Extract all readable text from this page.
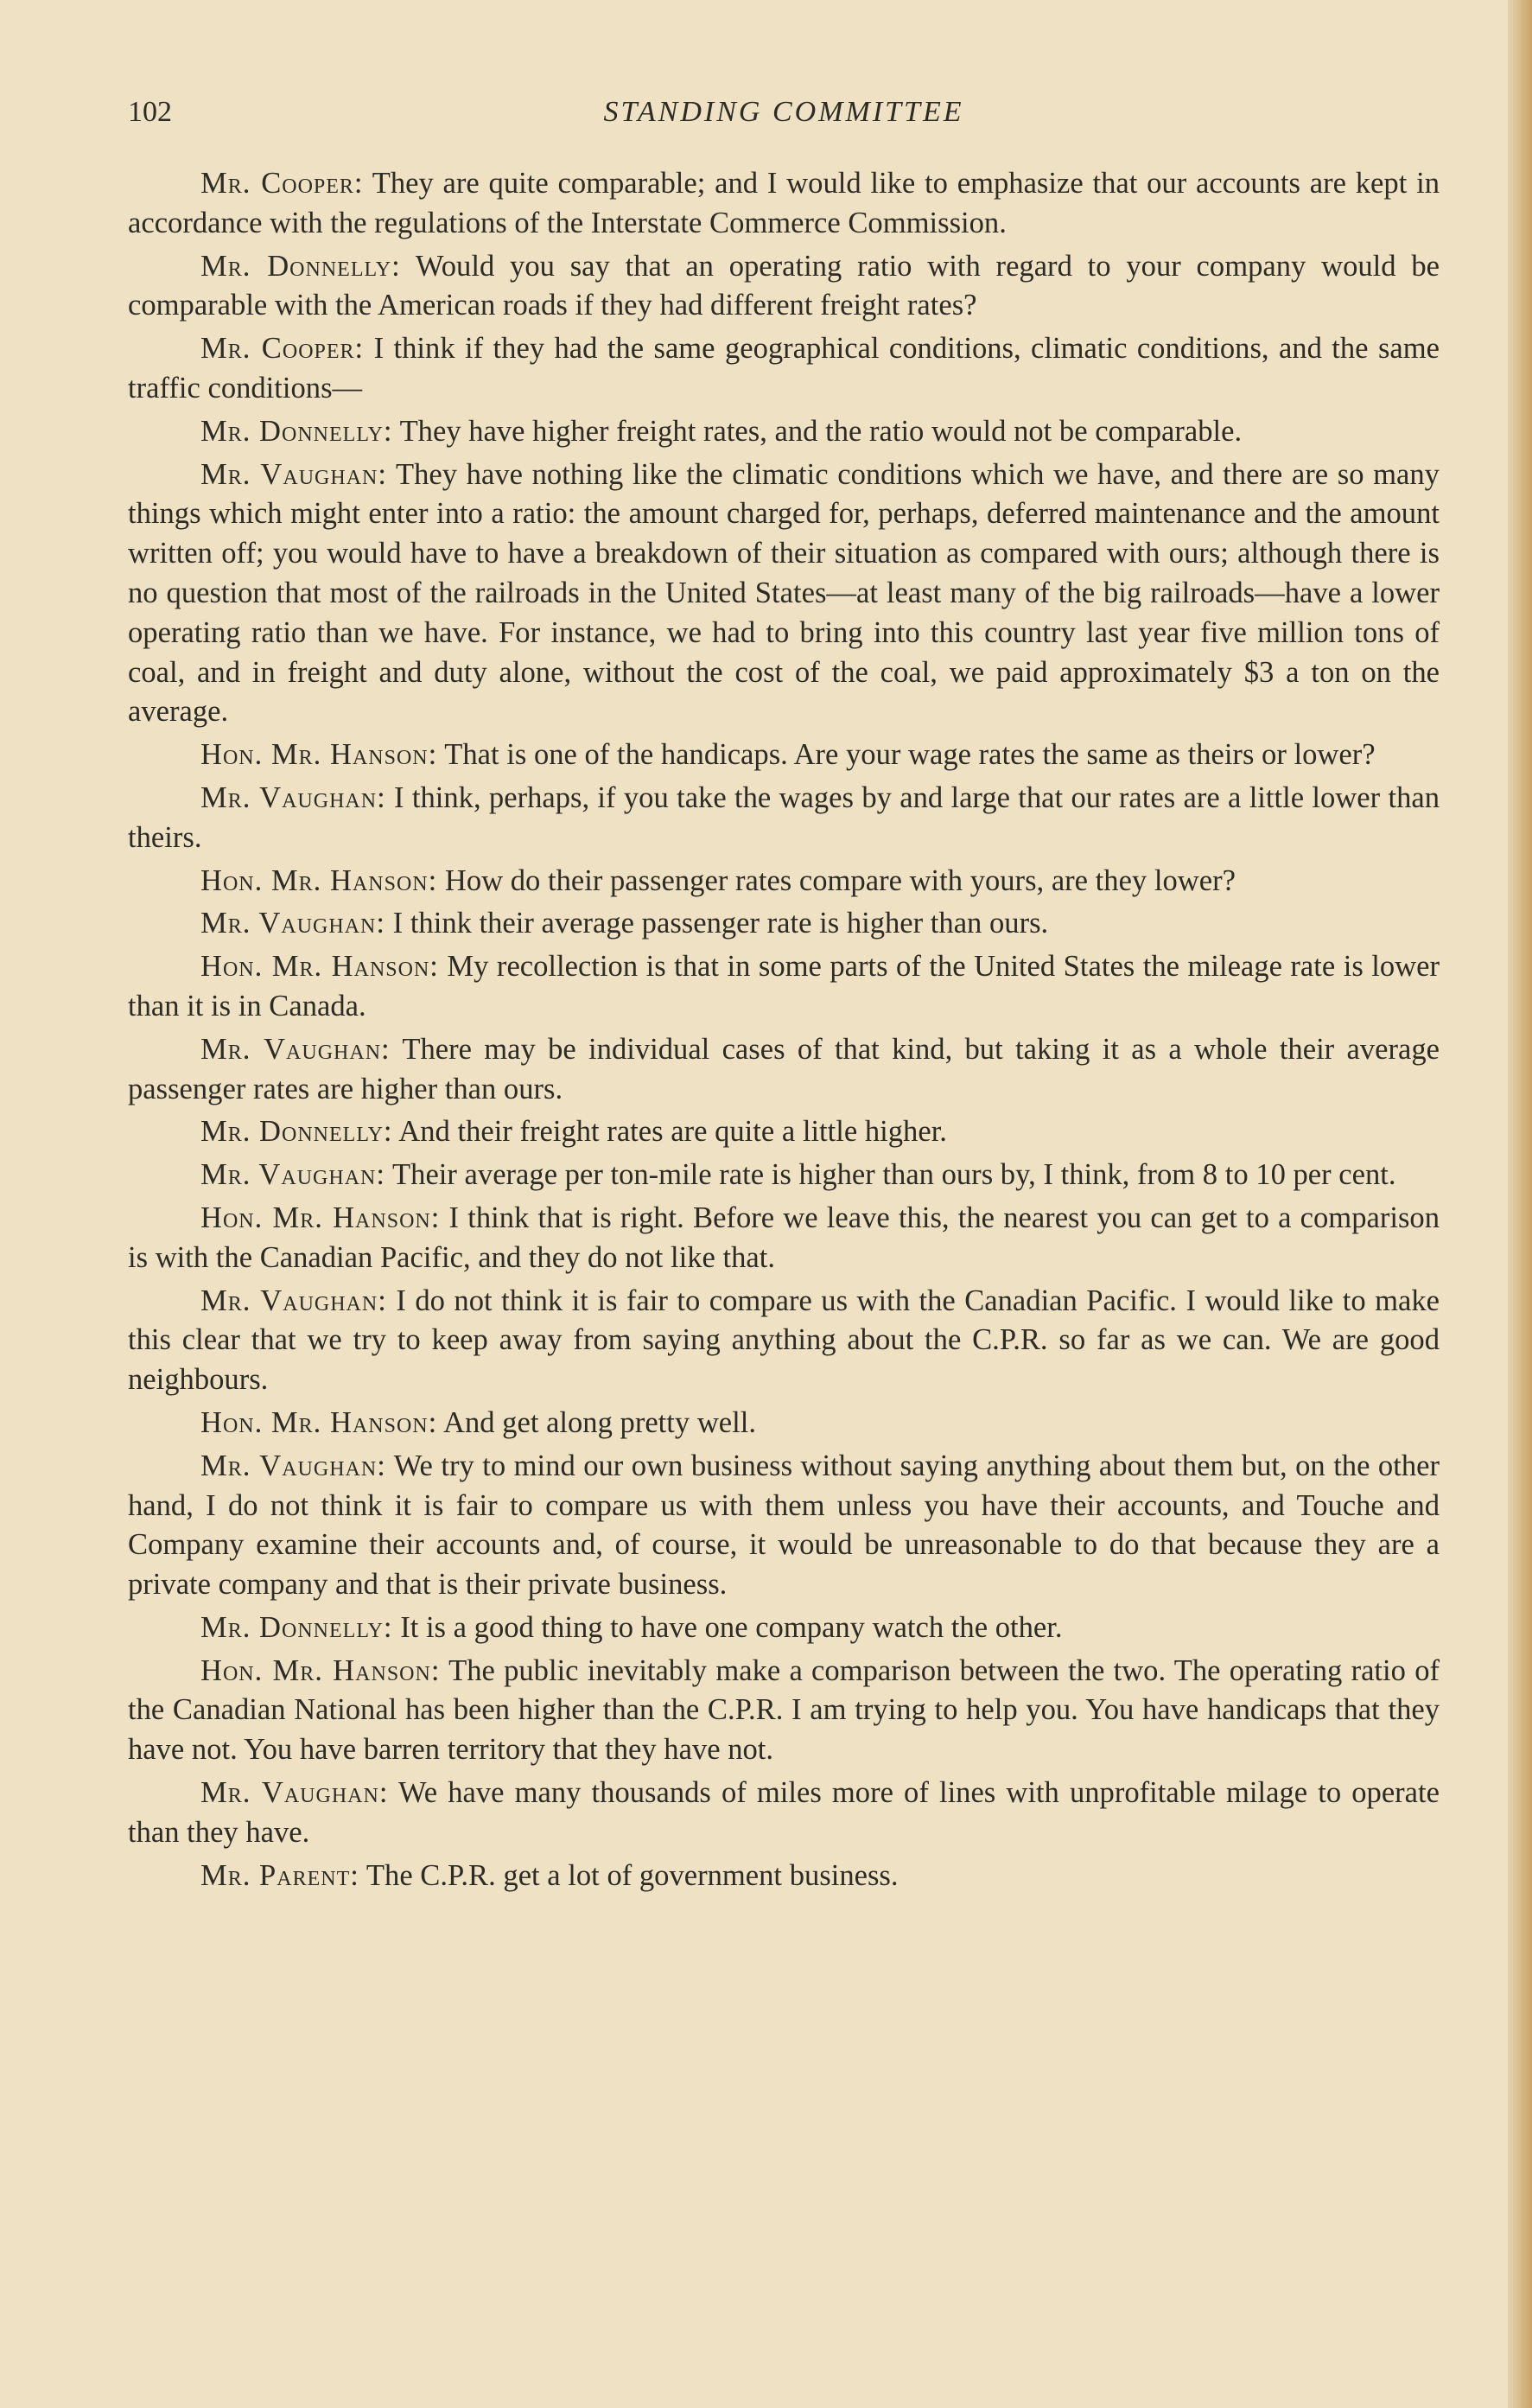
102	STANDING COMMITTEE

Mr. Cooper: They are quite comparable; and I would like to emphasize that our accounts are kept in accordance with the regulations of the Interstate Commerce Commission.

Mr. Donnelly: Would you say that an operating ratio with regard to your company would be comparable with the American roads if they had different freight rates?

Mr. Cooper: I think if they had the same geographical conditions, climatic conditions, and the same traffic conditions—

Mr. Donnelly: They have higher freight rates, and the ratio would not be comparable.

Mr. Vaughan: They have nothing like the climatic conditions which we have, and there are so many things which might enter into a ratio: the amount charged for, perhaps, deferred maintenance and the amount written off; you would have to have a breakdown of their situation as compared with ours; although there is no question that most of the railroads in the United States—at least many of the big railroads—have a lower operating ratio than we have. For instance, we had to bring into this country last year five million tons of coal, and in freight and duty alone, without the cost of the coal, we paid approximately $3 a ton on the average.

Hon. Mr. Hanson: That is one of the handicaps. Are your wage rates the same as theirs or lower?

Mr. Vaughan: I think, perhaps, if you take the wages by and large that our rates are a little lower than theirs.

Hon. Mr. Hanson: How do their passenger rates compare with yours, are they lower?

Mr. Vaughan: I think their average passenger rate is higher than ours.

Hon. Mr. Hanson: My recollection is that in some parts of the United States the mileage rate is lower than it is in Canada.

Mr. Vaughan: There may be individual cases of that kind, but taking it as a whole their average passenger rates are higher than ours.

Mr. Donnelly: And their freight rates are quite a little higher.

Mr. Vaughan: Their average per ton-mile rate is higher than ours by, I think, from 8 to 10 per cent.

Hon. Mr. Hanson: I think that is right. Before we leave this, the nearest you can get to a comparison is with the Canadian Pacific, and they do not like that.

Mr. Vaughan: I do not think it is fair to compare us with the Canadian Pacific. I would like to make this clear that we try to keep away from saying anything about the C.P.R. so far as we can. We are good neighbours.

Hon. Mr. Hanson: And get along pretty well.

Mr. Vaughan: We try to mind our own business without saying anything about them but, on the other hand, I do not think it is fair to compare us with them unless you have their accounts, and Touche and Company examine their accounts and, of course, it would be unreasonable to do that because they are a private company and that is their private business.

Mr. Donnelly: It is a good thing to have one company watch the other.

Hon. Mr. Hanson: The public inevitably make a comparison between the two. The operating ratio of the Canadian National has been higher than the C.P.R. I am trying to help you. You have handicaps that they have not. You have barren territory that they have not.

Mr. Vaughan: We have many thousands of miles more of lines with unprofitable milage to operate than they have.

Mr. Parent: The C.P.R. get a lot of government business.
